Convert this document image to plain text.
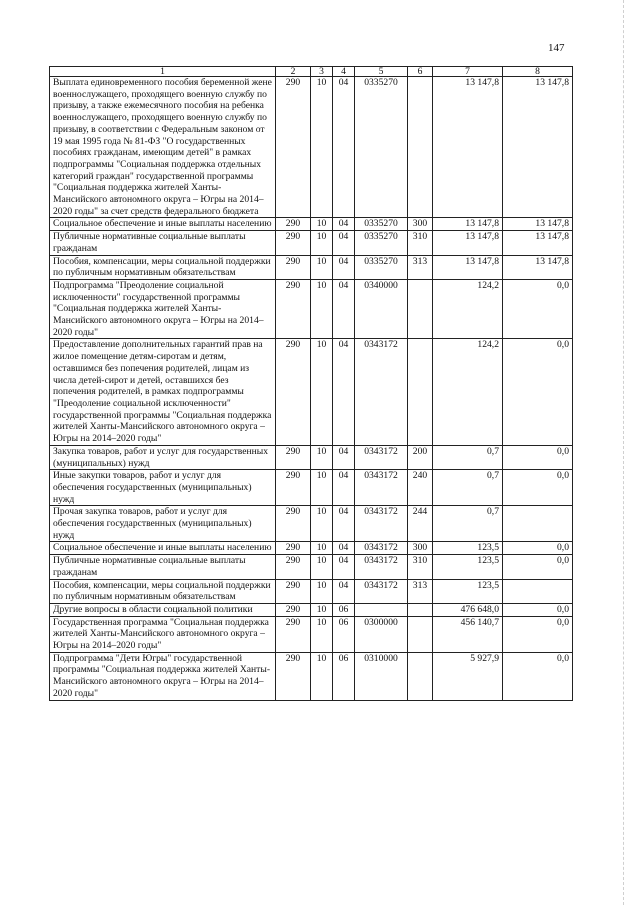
147
1	2	3	4	5	6	7	8
Выплата единовременного пособия беременной жене военнослужащего, проходящего военную службу по призыву, а также ежемесячного пособия на ребенка военнослужащего, проходящего военную службу по призыву, в соответствии с Федеральным законом от 19 мая 1995 года № 81-ФЗ "О государственных пособиях гражданам, имеющим детей" в рамках подпрограммы "Социальная поддержка отдельных категорий граждан" государственной программы "Социальная поддержка жителей Ханты-Мансийского автономного округа – Югры на 2014–2020 годы" за счет средств федерального бюджета	290	10	04	0335270		13 147,8	13 147,8
Социальное обеспечение и иные выплаты населению	290	10	04	0335270	300	13 147,8	13 147,8
Публичные нормативные социальные выплаты гражданам	290	10	04	0335270	310	13 147,8	13 147,8
Пособия, компенсации, меры социальной поддержки по публичным нормативным обязательствам	290	10	04	0335270	313	13 147,8	13 147,8
Подпрограмма "Преодоление социальной исключенности" государственной программы "Социальная поддержка жителей Ханты-Мансийского автономного округа – Югры на 2014–2020 годы"	290	10	04	0340000		124,2	0,0
Предоставление дополнительных гарантий прав на жилое помещение детям-сиротам и детям, оставшимся без попечения родителей, лицам из числа детей-сирот и детей, оставшихся без попечения родителей, в рамках подпрограммы "Преодоление социальной исключенности" государственной программы "Социальная поддержка жителей Ханты-Мансийского автономного округа – Югры на 2014–2020 годы"	290	10	04	0343172		124,2	0,0
Закупка товаров, работ и услуг для государственных (муниципальных) нужд	290	10	04	0343172	200	0,7	0,0
Иные закупки товаров, работ и услуг для обеспечения государственных (муниципальных) нужд	290	10	04	0343172	240	0,7	0,0
Прочая закупка товаров, работ и услуг для обеспечения государственных (муниципальных) нужд	290	10	04	0343172	244	0,7	
Социальное обеспечение и иные выплаты населению	290	10	04	0343172	300	123,5	0,0
Публичные нормативные социальные выплаты гражданам	290	10	04	0343172	310	123,5	0,0
Пособия, компенсации, меры социальной поддержки по публичным нормативным обязательствам	290	10	04	0343172	313	123,5	
Другие вопросы в области социальной политики	290	10	06			476 648,0	0,0
Государственная программа "Социальная поддержка жителей Ханты-Мансийского автономного округа – Югры на 2014–2020 годы"	290	10	06	0300000		456 140,7	0,0
Подпрограмма "Дети Югры" государственной программы "Социальная поддержка жителей Ханты-Мансийского автономного округа – Югры на 2014–2020 годы"	290	10	06	0310000		5 927,9	0,0
